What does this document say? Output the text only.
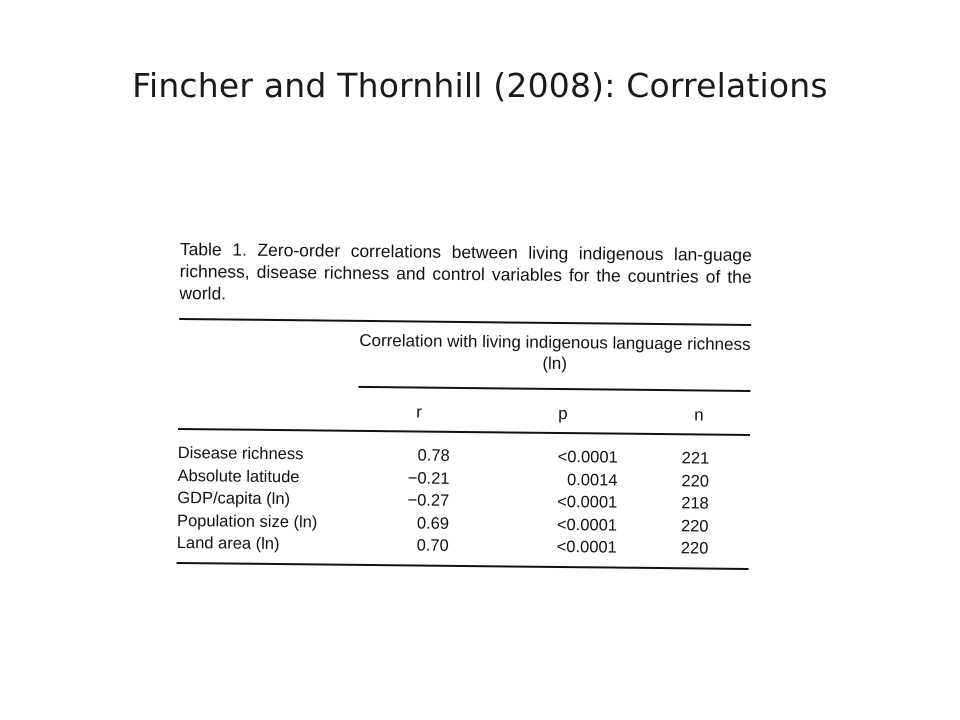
Fincher and Thornhill (2008): Correlations
Table 1. Zero-order correlations between living indigenous lan-guage richness, disease richness and control variables for the countries of the world.
Correlation with living indigenous language richness (ln)
r	p	n
Disease richness	0.78	<0.0001	221
Absolute latitude	−0.21	0.0014	220
GDP/capita (ln)	−0.27	<0.0001	218
Population size (ln)	0.69	<0.0001	220
Land area (ln)	0.70	<0.0001	220
